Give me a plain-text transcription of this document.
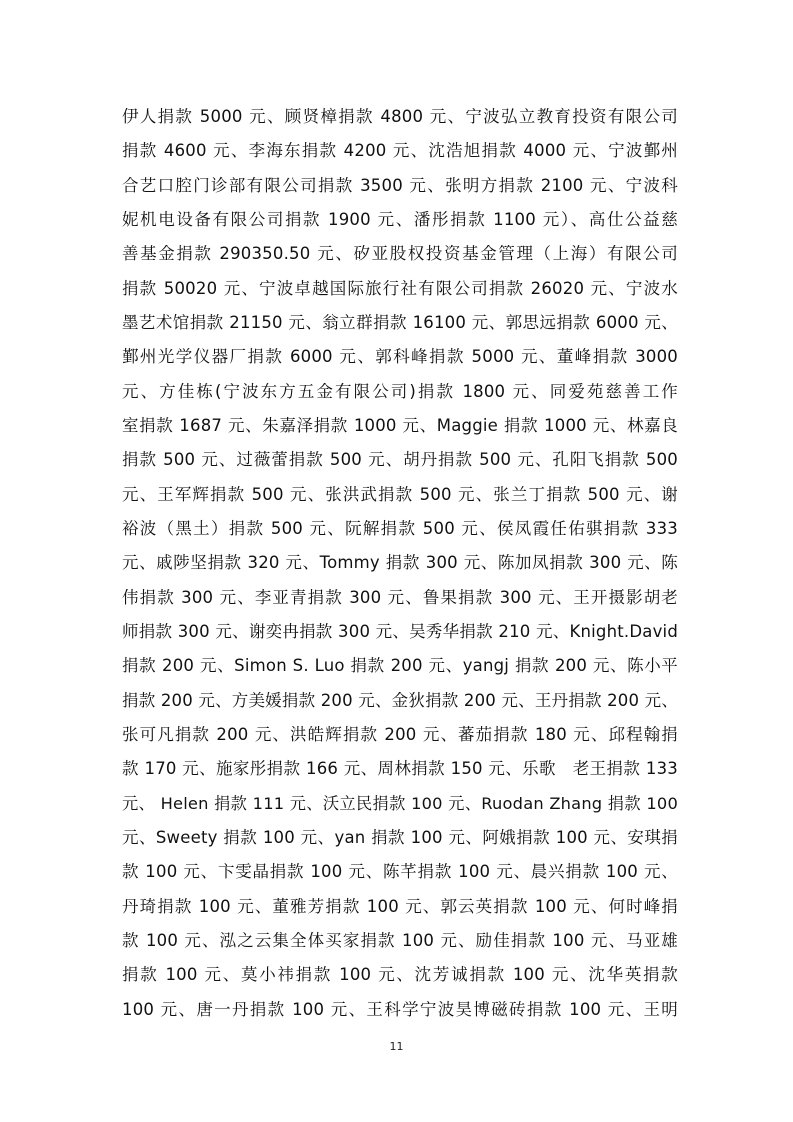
伊人捐款 5000 元、顾贤樟捐款 4800 元、宁波弘立教育投资有限公司
捐款 4600 元、李海东捐款 4200 元、沈浩旭捐款 4000 元、宁波鄞州
合艺口腔门诊部有限公司捐款 3500 元、张明方捐款 2100 元、宁波科
妮机电设备有限公司捐款 1900 元、潘彤捐款 1100 元）、高仕公益慈
善基金捐款 290350.50 元、矽亚股权投资基金管理（上海）有限公司
捐款 50020 元、宁波卓越国际旅行社有限公司捐款 26020 元、宁波水
墨艺术馆捐款 21150 元、翁立群捐款 16100 元、郭思远捐款 6000 元、
鄞州光学仪器厂捐款 6000 元、郭科峰捐款 5000 元、董峰捐款 3000
元、方佳栋(宁波东方五金有限公司)捐款 1800 元、同爱苑慈善工作
室捐款 1687 元、朱嘉泽捐款 1000 元、Maggie 捐款 1000 元、林嘉良
捐款 500 元、过薇蕾捐款 500 元、胡丹捐款 500 元、孔阳飞捐款 500
元、王军辉捐款 500 元、张洪武捐款 500 元、张兰丁捐款 500 元、谢
裕波（黑土）捐款 500 元、阮解捐款 500 元、侯凤霞任佑骐捐款 333
元、戚陟坚捐款 320 元、Tommy 捐款 300 元、陈加凤捐款 300 元、陈
伟捐款 300 元、李亚青捐款 300 元、鲁果捐款 300 元、王开摄影胡老
师捐款 300 元、谢奕冉捐款 300 元、吴秀华捐款 210 元、Knight.David
捐款 200 元、Simon S. Luo 捐款 200 元、yangj 捐款 200 元、陈小平
捐款 200 元、方美媛捐款 200 元、金狄捐款 200 元、王丹捐款 200 元、
张可凡捐款 200 元、洪皓辉捐款 200 元、蕃茄捐款 180 元、邱程翰捐
款 170 元、施家彤捐款 166 元、周林捐款 150 元、乐歌　老王捐款 133
元、 Helen 捐款 111 元、沃立民捐款 100 元、Ruodan Zhang 捐款 100
元、Sweety 捐款 100 元、yan 捐款 100 元、阿娥捐款 100 元、安琪捐
款 100 元、卞雯晶捐款 100 元、陈芊捐款 100 元、晨兴捐款 100 元、
丹琦捐款 100 元、董雅芳捐款 100 元、郭云英捐款 100 元、何时峰捐
款 100 元、泓之云集全体买家捐款 100 元、励佳捐款 100 元、马亚雄
捐款 100 元、莫小祎捐款 100 元、沈芳诚捐款 100 元、沈华英捐款
100 元、唐一丹捐款 100 元、王科学宁波昊博磁砖捐款 100 元、王明
11
